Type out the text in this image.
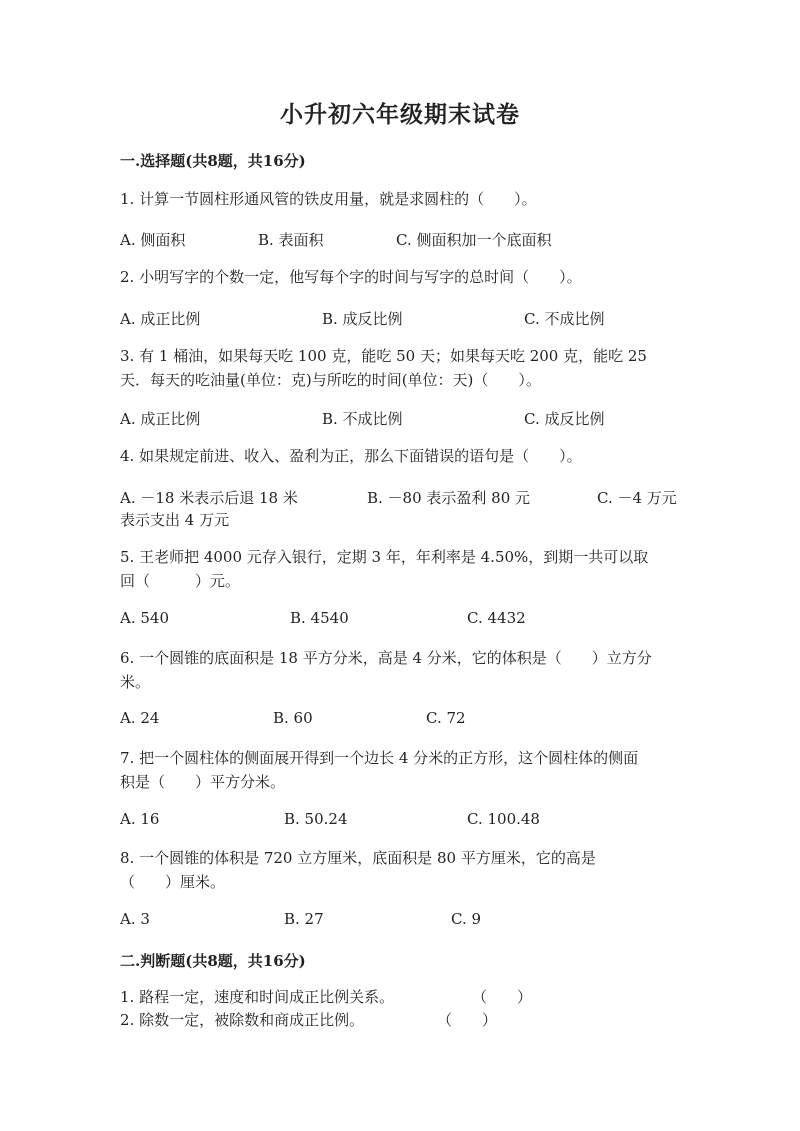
小升初六年级期末试卷
一.选择题(共8题，共16分)
1. 计算一节圆柱形通风管的铁皮用量，就是求圆柱的（　　）。
A. 侧面积	B. 表面积	C. 侧面积加一个底面积
2. 小明写字的个数一定，他写每个字的时间与写字的总时间（　　）。
A. 成正比例	B. 成反比例	C. 不成比例
3. 有 1 桶油，如果每天吃 100 克，能吃 50 天；如果每天吃 200 克，能吃 25
天．每天的吃油量(单位：克)与所吃的时间(单位：天)（　　）。
A. 成正比例	B. 不成比例	C. 成反比例
4. 如果规定前进、收入、盈利为正，那么下面错误的语句是（　　）。
A. －18 米表示后退 18 米	B. －80 表示盈利 80 元	C. －4 万元
表示支出 4 万元
5. 王老师把 4000 元存入银行，定期 3 年，年利率是 4.50%，到期一共可以取
回（　　　）元。
A. 540	B. 4540	C. 4432
6. 一个圆锥的底面积是 18 平方分米，高是 4 分米，它的体积是（　　）立方分
米。
A. 24	B. 60	C. 72
7. 把一个圆柱体的侧面展开得到一个边长 4 分米的正方形，这个圆柱体的侧面
积是（　　）平方分米。
A. 16	B. 50.24	C. 100.48
8. 一个圆锥的体积是 720 立方厘米，底面积是 80 平方厘米，它的高是
（　　）厘米。
A. 3	B. 27	C. 9
二.判断题(共8题，共16分)
1. 路程一定，速度和时间成正比例关系。	（　　）
2. 除数一定，被除数和商成正比例。	（　　）
